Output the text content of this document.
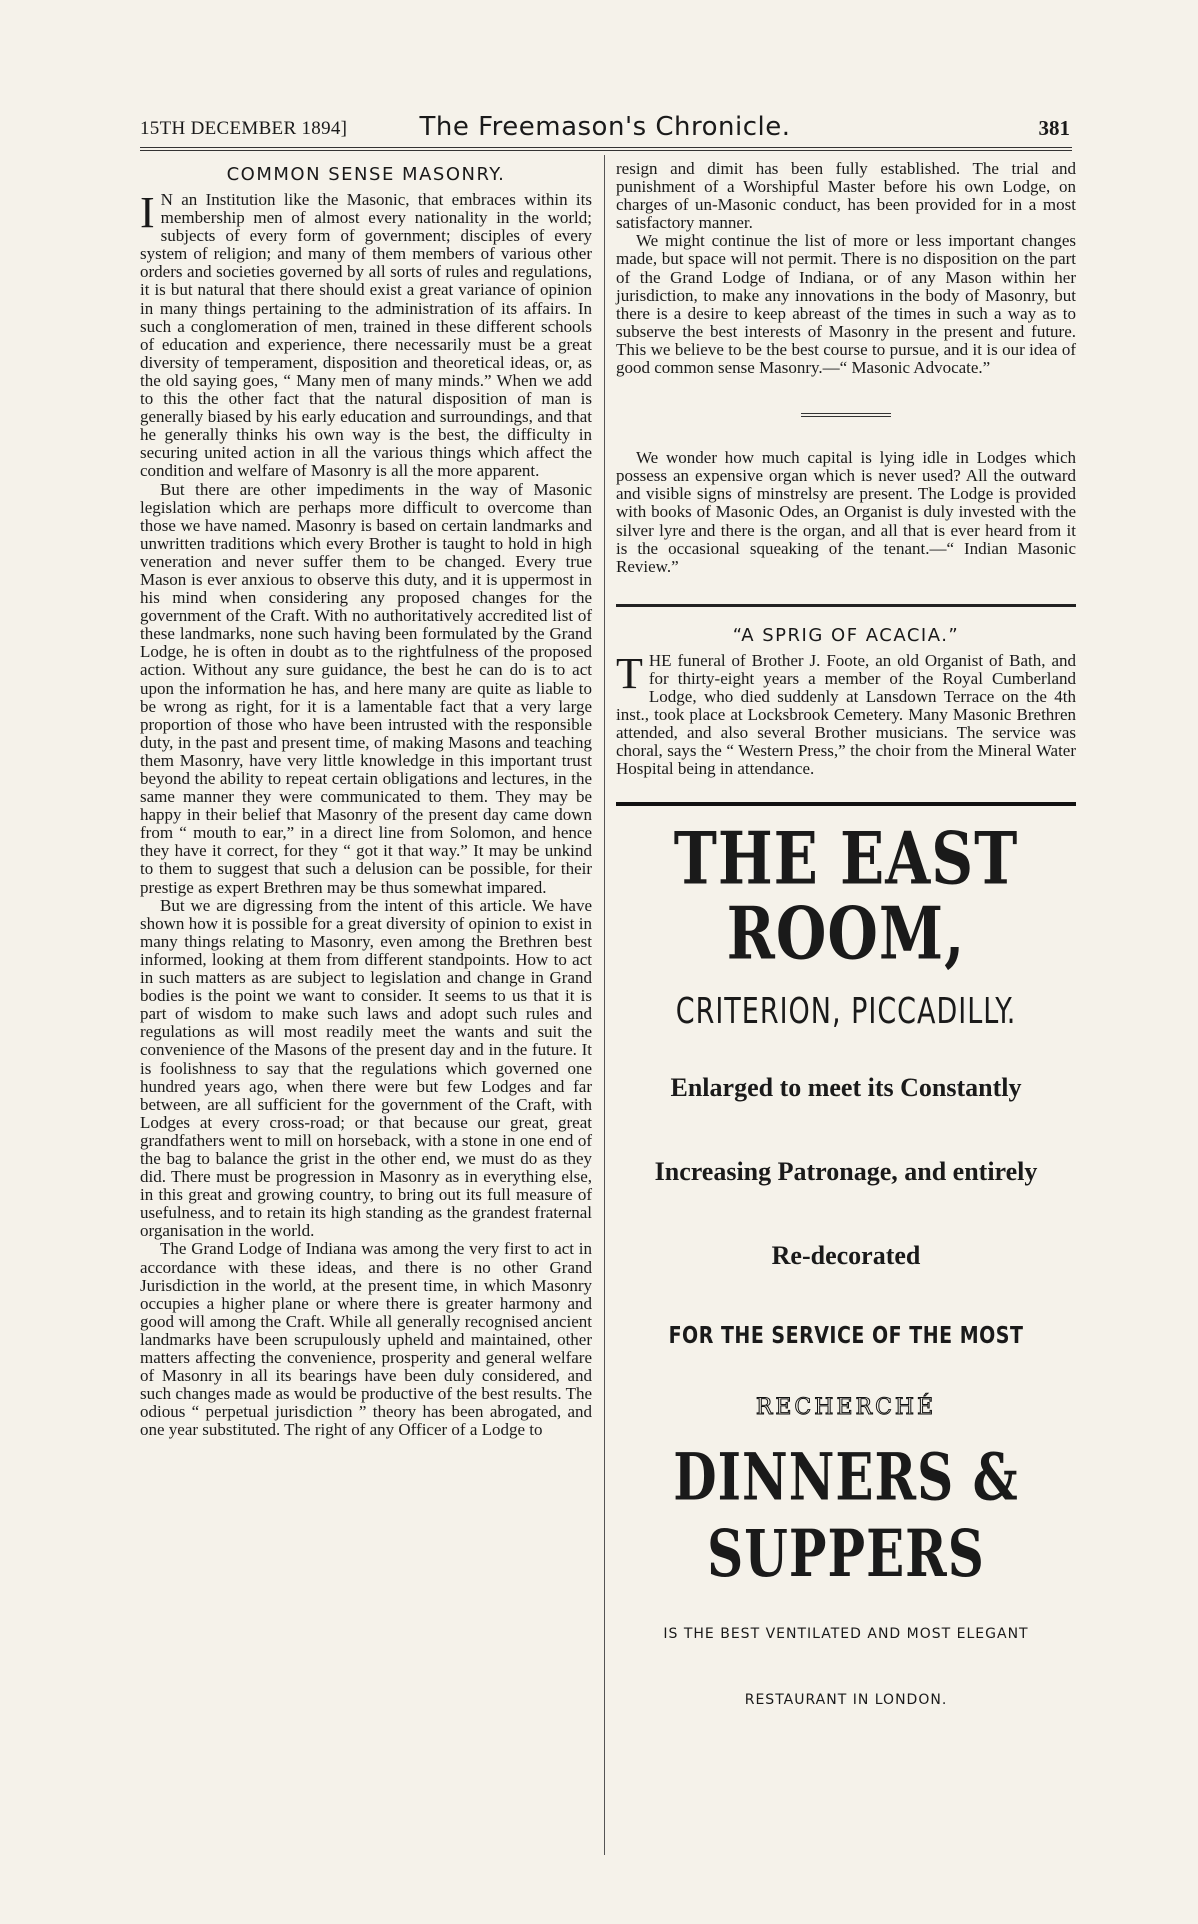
15TH DECEMBER 1894]	The Freemason's Chronicle.	381
COMMON SENSE MASONRY.

I N an Institution like the Masonic, that embraces within its membership men of almost every nationality in the world; subjects of every form of government; disciples of every system of religion; and many of them members of various other orders and societies governed by all sorts of rules and regulations, it is but natural that there should exist a great variance of opinion in many things pertaining to the administration of its affairs. In such a conglomeration of men, trained in these different schools of education and experience, there necessarily must be a great diversity of temperament, disposition and theoretical ideas, or, as the old saying goes, “ Many men of many minds.” When we add to this the other fact that the natural disposition of man is generally biased by his early education and surroundings, and that he generally thinks his own way is the best, the difficulty in securing united action in all the various things which affect the condition and welfare of Masonry is all the more apparent.

But there are other impediments in the way of Masonic legislation which are perhaps more difficult to overcome than those we have named. Masonry is based on certain landmarks and unwritten traditions which every Brother is taught to hold in high veneration and never suffer them to be changed. Every true Mason is ever anxious to observe this duty, and it is uppermost in his mind when considering any proposed changes for the government of the Craft. With no authoritatively accredited list of these landmarks, none such having been formulated by the Grand Lodge, he is often in doubt as to the rightfulness of the proposed action. Without any sure guidance, the best he can do is to act upon the information he has, and here many are quite as liable to be wrong as right, for it is a lamentable fact that a very large proportion of those who have been intrusted with the responsible duty, in the past and present time, of making Masons and teaching them Masonry, have very little knowledge in this important trust beyond the ability to repeat certain obligations and lectures, in the same manner they were communicated to them. They may be happy in their belief that Masonry of the present day came down from “ mouth to ear,” in a direct line from Solomon, and hence they have it correct, for they “ got it that way.” It may be unkind to them to suggest that such a delusion can be possible, for their prestige as expert Brethren may be thus somewhat impared.

But we are digressing from the intent of this article. We have shown how it is possible for a great diversity of opinion to exist in many things relating to Masonry, even among the Brethren best informed, looking at them from different standpoints. How to act in such matters as are subject to legislation and change in Grand bodies is the point we want to consider. It seems to us that it is part of wisdom to make such laws and adopt such rules and regulations as will most readily meet the wants and suit the convenience of the Masons of the present day and in the future. It is foolishness to say that the regulations which governed one hundred years ago, when there were but few Lodges and far between, are all sufficient for the government of the Craft, with Lodges at every cross-road; or that because our great, great grandfathers went to mill on horseback, with a stone in one end of the bag to balance the grist in the other end, we must do as they did. There must be progression in Masonry as in everything else, in this great and growing country, to bring out its full measure of usefulness, and to retain its high standing as the grandest fraternal organisation in the world.

The Grand Lodge of Indiana was among the very first to act in accordance with these ideas, and there is no other Grand Jurisdiction in the world, at the present time, in which Masonry occupies a higher plane or where there is greater harmony and good will among the Craft. While all generally recognised ancient landmarks have been scrupulously upheld and maintained, other matters affecting the convenience, prosperity and general welfare of Masonry in all its bearings have been duly considered, and such changes made as would be productive of the best results. The odious “ perpetual jurisdiction ” theory has been abrogated, and one year substituted. The right of any Officer of a Lodge to

resign and dimit has been fully established. The trial and punishment of a Worshipful Master before his own Lodge, on charges of un-Masonic conduct, has been provided for in a most satisfactory manner.

We might continue the list of more or less important changes made, but space will not permit. There is no disposition on the part of the Grand Lodge of Indiana, or of any Mason within her jurisdiction, to make any innovations in the body of Masonry, but there is a desire to keep abreast of the times in such a way as to subserve the best interests of Masonry in the present and future. This we believe to be the best course to pursue, and it is our idea of good common sense Masonry.—“ Masonic Advocate.”

We wonder how much capital is lying idle in Lodges which possess an expensive organ which is never used? All the outward and visible signs of minstrelsy are present. The Lodge is provided with books of Masonic Odes, an Organist is duly invested with the silver lyre and there is the organ, and all that is ever heard from it is the occasional squeaking of the tenant.—“ Indian Masonic Review.”

“A SPRIG OF ACACIA.”

THE funeral of Brother J. Foote, an old Organist of Bath, and for thirty-eight years a member of the Royal Cumberland Lodge, who died suddenly at Lansdown Terrace on the 4th inst., took place at Locksbrook Cemetery. Many Masonic Brethren attended, and also several Brother musicians. The service was choral, says the “ Western Press,” the choir from the Mineral Water Hospital being in attendance.

THE EAST ROOM,
CRITERION, PICCADILLY.
Enlarged to meet its Constantly
Increasing Patronage, and entirely
Re-decorated
FOR THE SERVICE OF THE MOST
RECHERCHÉ
DINNERS & SUPPERS
IS THE BEST VENTILATED AND MOST ELEGANT
RESTAURANT IN LONDON.
